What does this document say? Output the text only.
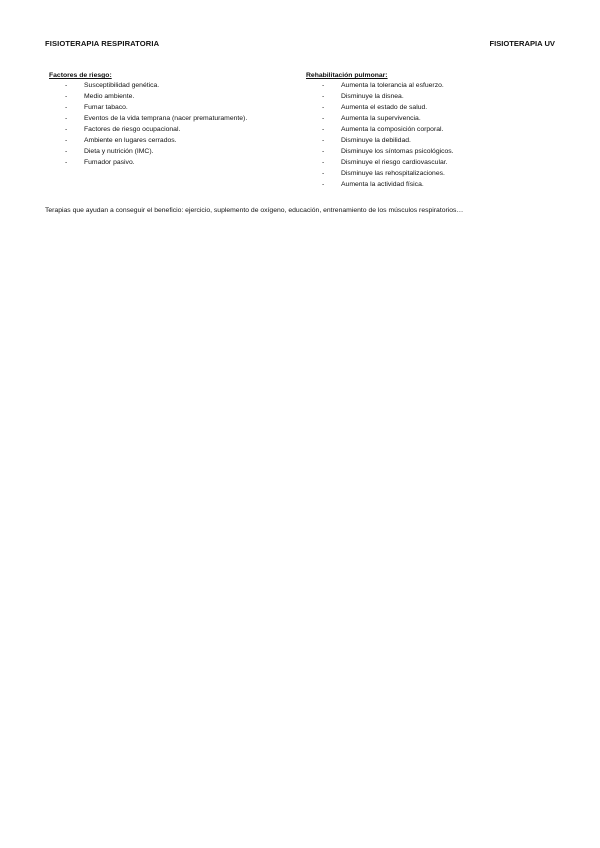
FISIOTERAPIA RESPIRATORIA	FISIOTERAPIA UV
Factores de riesgo:
- Susceptibilidad genética.
- Medio ambiente.
- Fumar tabaco.
- Eventos de la vida temprana (nacer prematuramente).
- Factores de riesgo ocupacional.
- Ambiente en lugares cerrados.
- Dieta y nutrición (IMC).
- Fumador pasivo.
Rehabilitación pulmonar:
- Aumenta la tolerancia al esfuerzo.
- Disminuye la disnea.
- Aumenta el estado de salud.
- Aumenta la supervivencia.
- Aumenta la composición corporal.
- Disminuye la debilidad.
- Disminuye los síntomas psicológicos.
- Disminuye el riesgo cardiovascular.
- Disminuye las rehospitalizaciones.
- Aumenta la actividad física.
Terapias que ayudan a conseguir el beneficio: ejercicio, suplemento de oxígeno, educación, entrenamiento de los músculos respiratorios…
